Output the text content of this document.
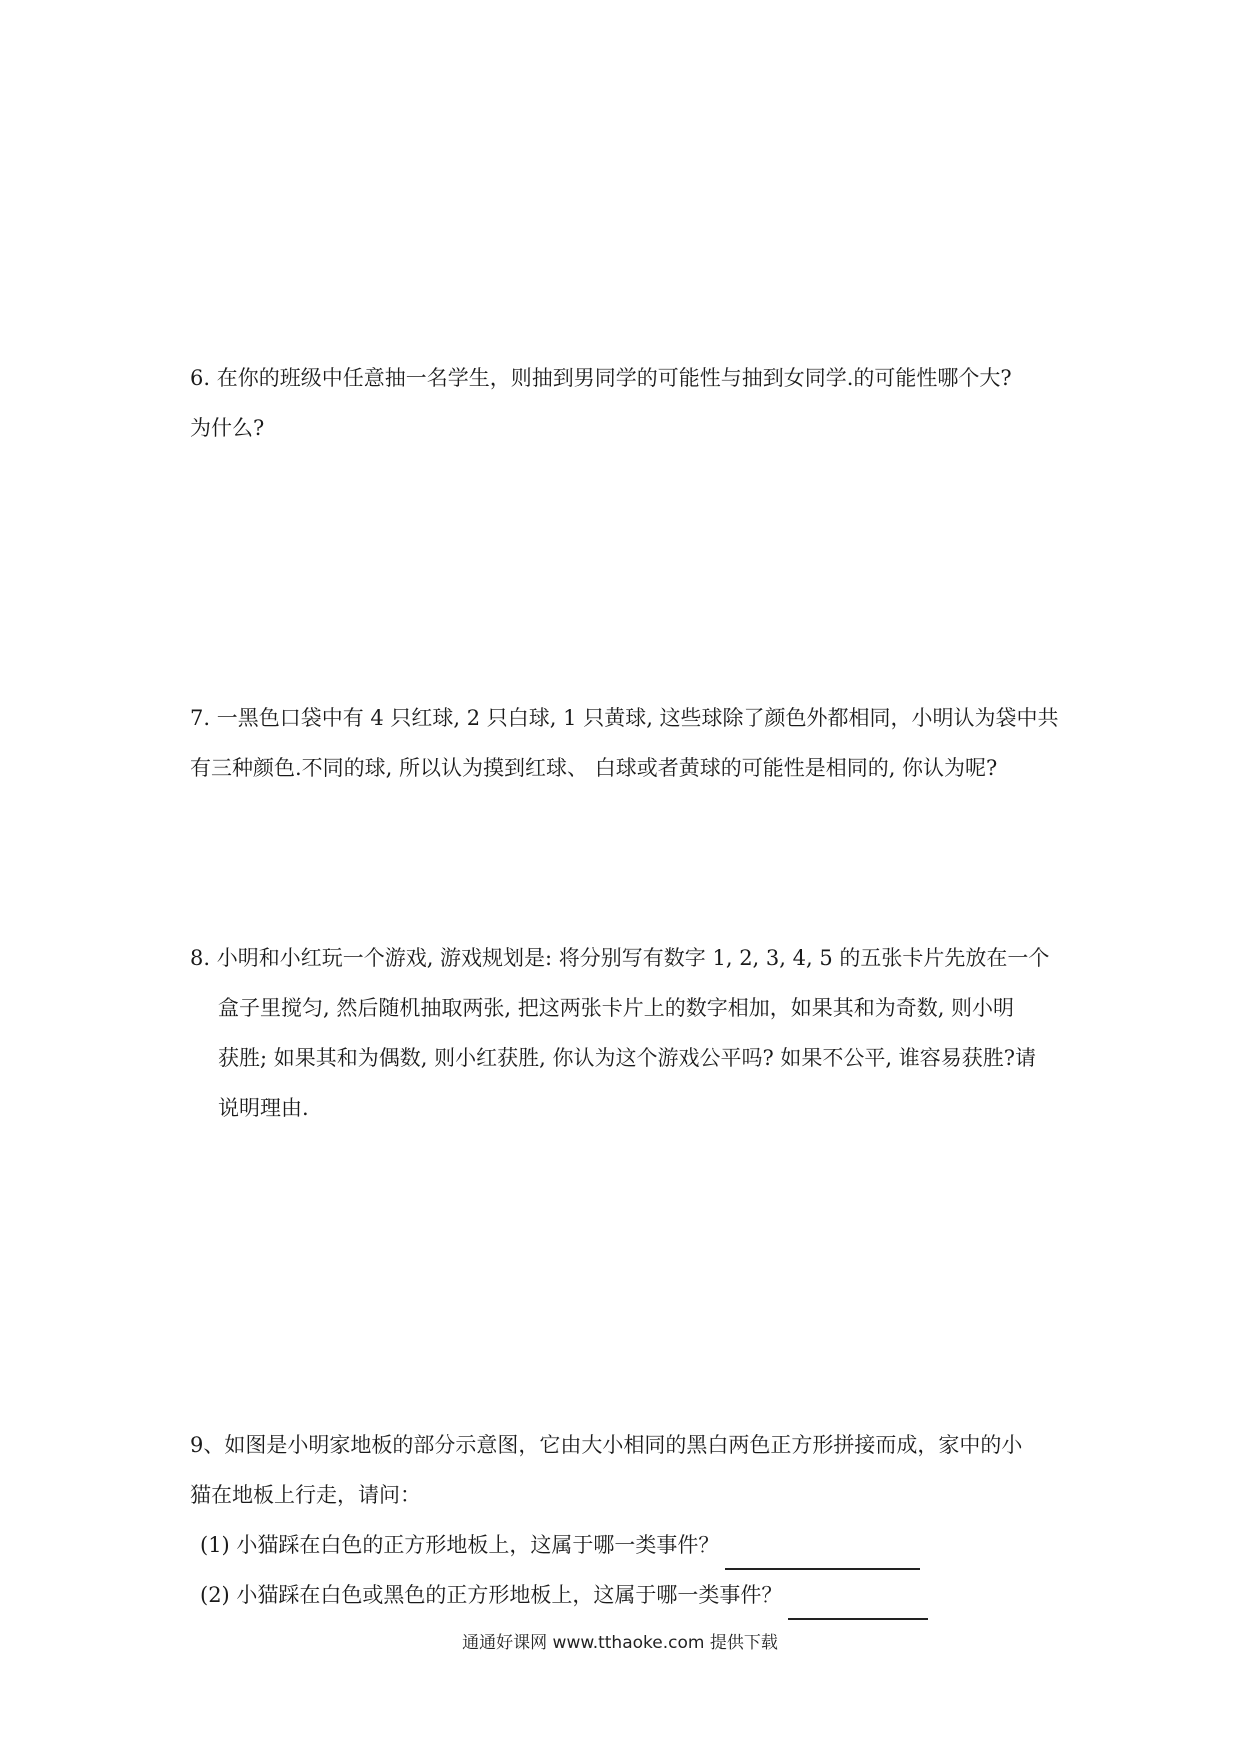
6. 在你的班级中任意抽一名学生，则抽到男同学的可能性与抽到女同学.的可能性哪个大?
为什么?
7. 一黑色口袋中有 4 只红球, 2 只白球, 1 只黄球, 这些球除了颜色外都相同，小明认为袋中共
有三种颜色.不同的球, 所以认为摸到红球、 白球或者黄球的可能性是相同的, 你认为呢?
8. 小明和小红玩一个游戏, 游戏规划是: 将分别写有数字 1, 2, 3, 4, 5 的五张卡片先放在一个
盒子里搅匀, 然后随机抽取两张, 把这两张卡片上的数字相加，如果其和为奇数, 则小明
获胜; 如果其和为偶数, 则小红获胜, 你认为这个游戏公平吗? 如果不公平, 谁容易获胜?请
说明理由.
9、如图是小明家地板的部分示意图，它由大小相同的黑白两色正方形拼接而成，家中的小
猫在地板上行走，请问：
(1) 小猫踩在白色的正方形地板上，这属于哪一类事件？
(2) 小猫踩在白色或黑色的正方形地板上，这属于哪一类事件？
通通好课网 www.tthaoke.com 提供下载
